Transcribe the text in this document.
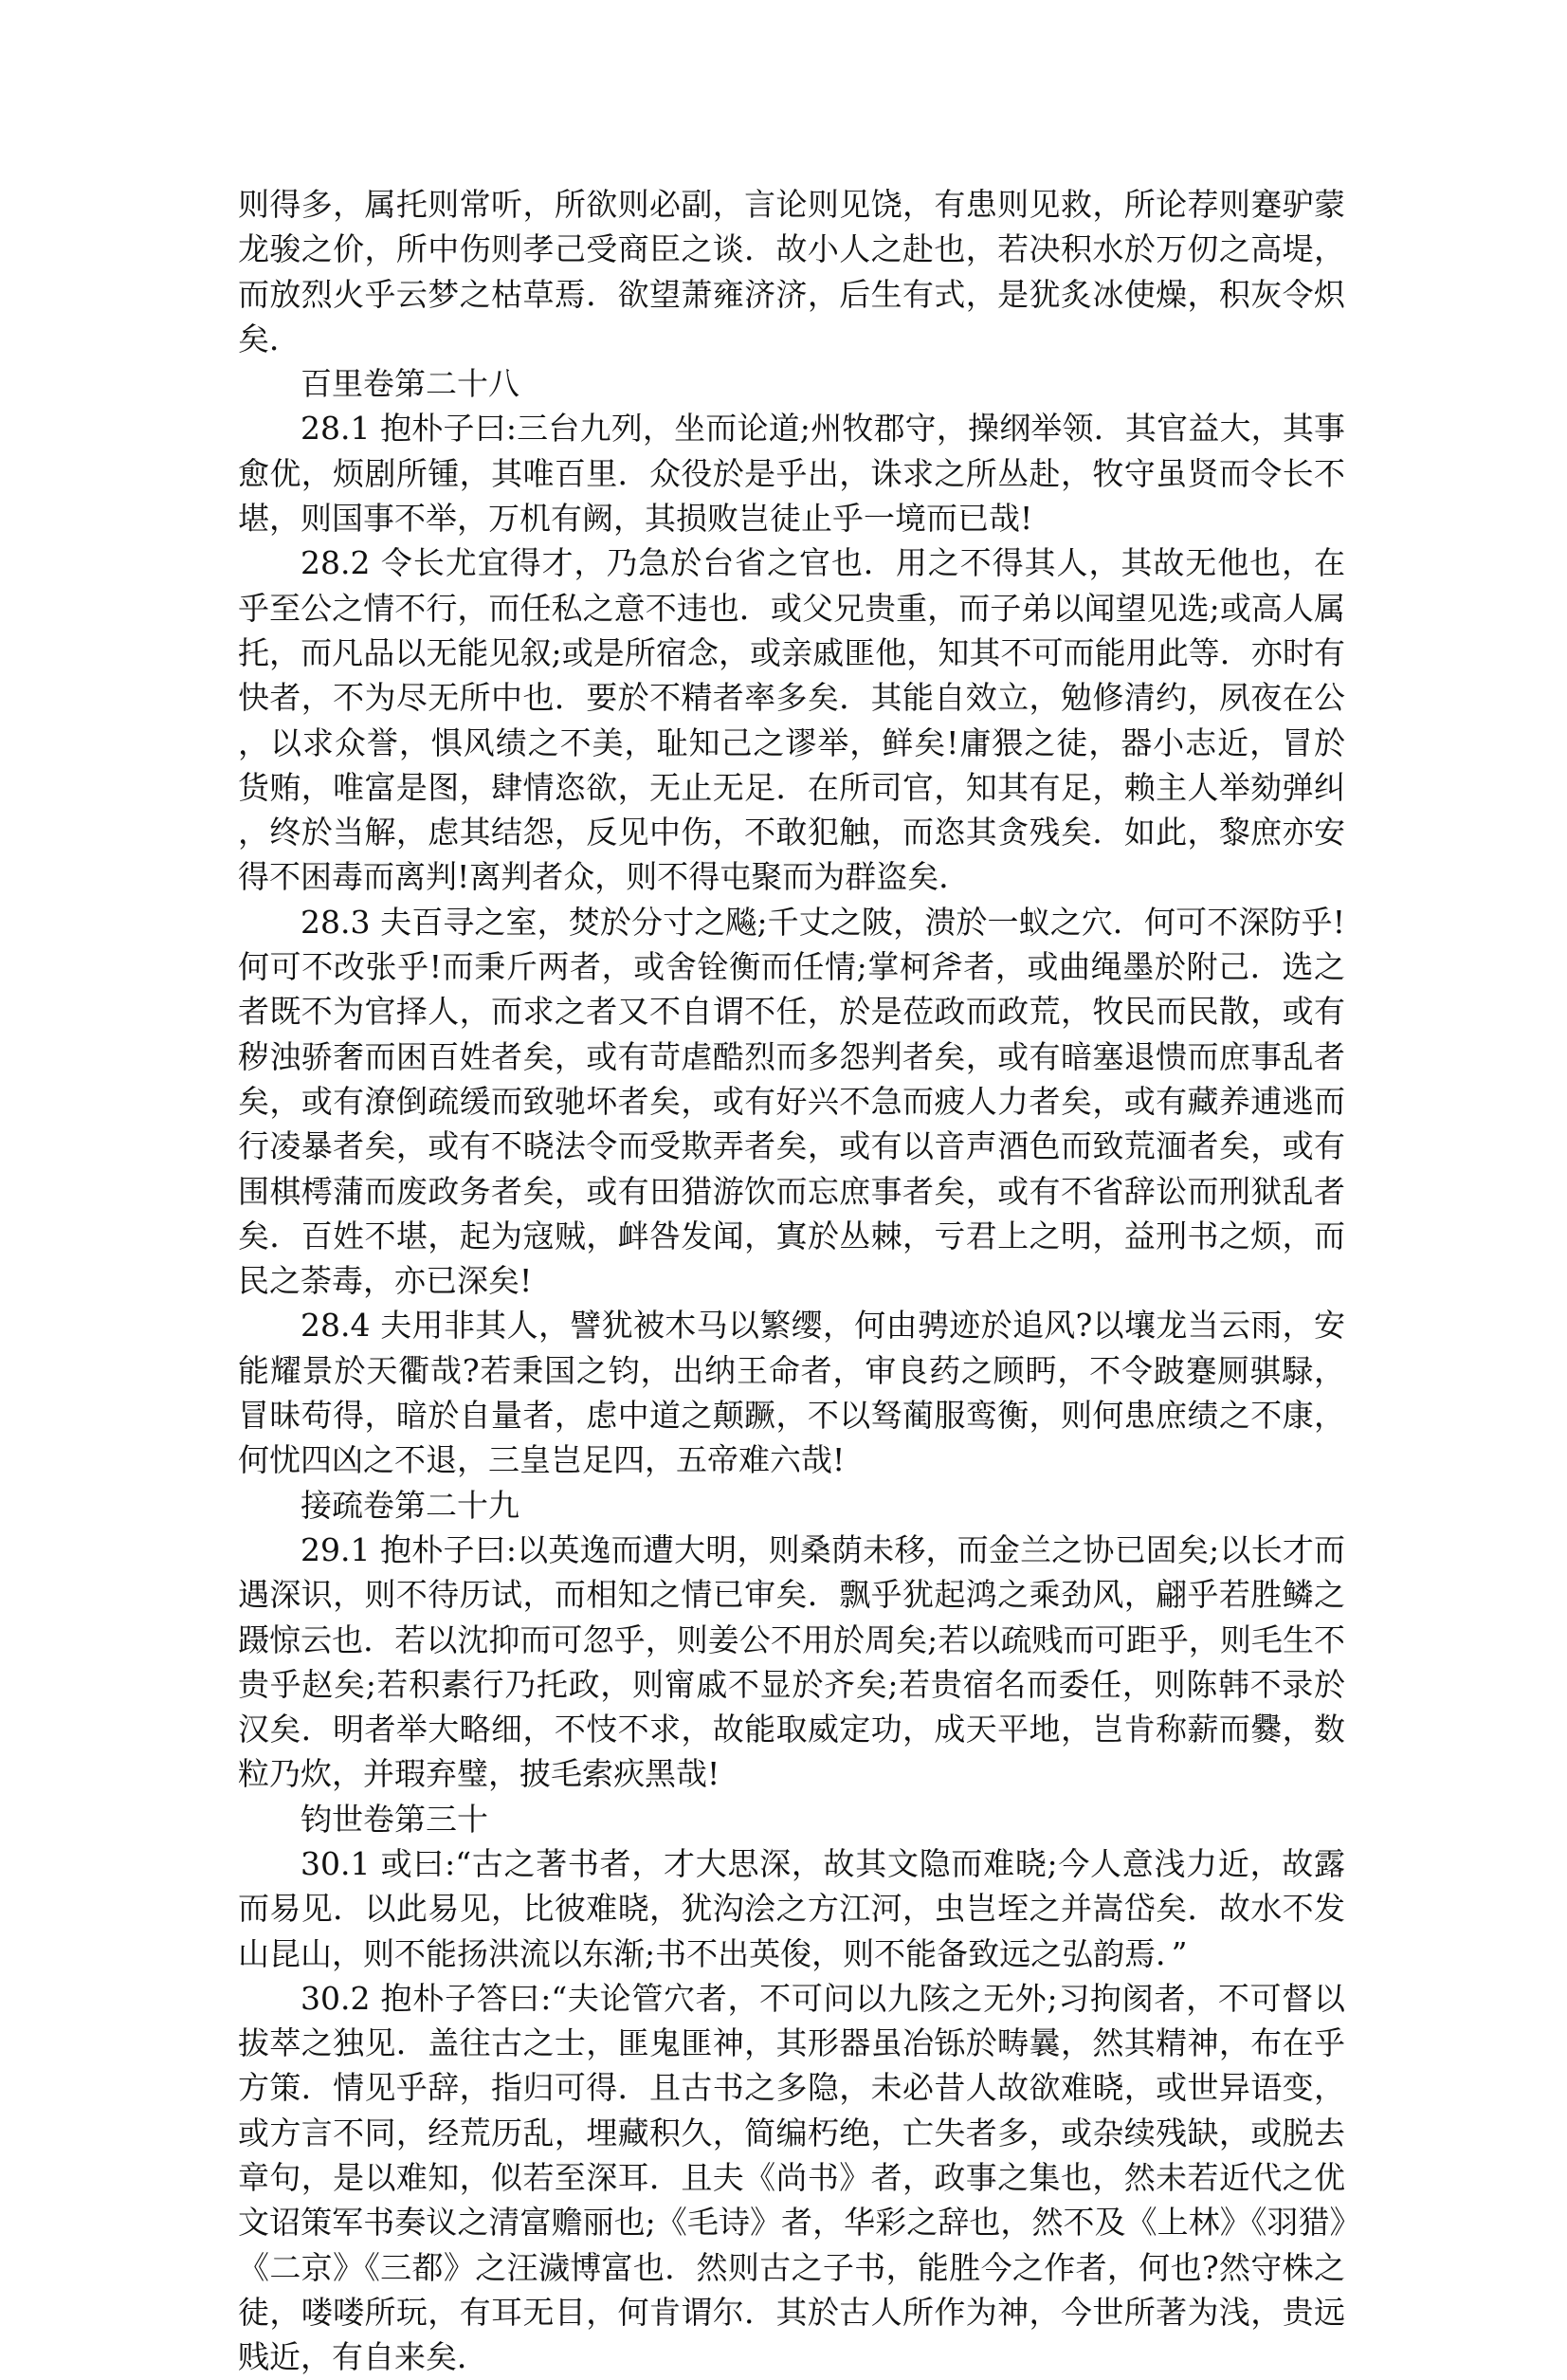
则得多，属托则常听，所欲则必副，言论则见饶，有患则见救，所论荐则蹇驴蒙龙骏之价，所中伤则孝己受商臣之谈．故小人之赴也，若决积水於万仞之高堤，而放烈火乎云梦之枯草焉．欲望萧雍济济，后生有式，是犹炙冰使燥，积灰令炽矣．

百里卷第二十八

28.1 抱朴子曰:三台九列，坐而论道;州牧郡守，操纲举领．其官益大，其事愈优，烦剧所锺，其唯百里．众役於是乎出，诛求之所丛赴，牧守虽贤而令长不堪，则国事不举，万机有阙，其损败岂徒止乎一境而已哉!

28.2 令长尤宜得才，乃急於台省之官也．用之不得其人，其故无他也，在乎至公之情不行，而任私之意不违也．或父兄贵重，而子弟以闻望见选;或高人属托，而凡品以无能见叙;或是所宿念，或亲戚匪他，知其不可而能用此等．亦时有快者，不为尽无所中也．要於不精者率多矣．其能自效立，勉修清约，夙夜在公，以求众誉，惧风绩之不美，耻知己之谬举，鲜矣!庸猥之徒，器小志近，冒於货贿，唯富是图，肆情恣欲，无止无足．在所司官，知其有足，赖主人举劾弹纠，终於当解，虑其结怨，反见中伤，不敢犯触，而恣其贪残矣．如此，黎庶亦安得不困毒而离判!离判者众，则不得屯聚而为群盗矣．

28.3 夫百寻之室，焚於分寸之飚;千丈之陂，溃於一蚁之穴．何可不深防乎!何可不改张乎!而秉斤两者，或舍铨衡而任情;掌柯斧者，或曲绳墨於附己．选之者既不为官择人，而求之者又不自谓不任，於是莅政而政荒，牧民而民散，或有秽浊骄奢而困百姓者矣，或有苛虐酷烈而多怨判者矣，或有暗塞退愦而庶事乱者矣，或有潦倒疏缓而致驰坏者矣，或有好兴不急而疲人力者矣，或有藏养逋逃而行凌暴者矣，或有不晓法令而受欺弄者矣，或有以音声酒色而致荒湎者矣，或有围棋樗蒲而废政务者矣，或有田猎游饮而忘庶事者矣，或有不省辞讼而刑狱乱者矣．百姓不堪，起为寇贼，衅咎发闻，寘於丛棘，亏君上之明，益刑书之烦，而民之荼毒，亦已深矣!

28.4 夫用非其人，譬犹被木马以繁缨，何由骋迹於追风?以壤龙当云雨，安能耀景於天衢哉?若秉国之钧，出纳王命者，审良药之顾眄，不令跛蹇厕骐騄，冒昧苟得，暗於自量者，虑中道之颠蹶，不以驽蔺服鸾衡，则何患庶绩之不康，何忧四凶之不退，三皇岂足四，五帝难六哉!

接疏卷第二十九

29.1 抱朴子曰:以英逸而遭大明，则桑荫未移，而金兰之协已固矣;以长才而遇深识，则不待历试，而相知之情已审矣．飘乎犹起鸿之乘劲风，翩乎若胜鳞之蹑惊云也．若以沈抑而可忽乎，则姜公不用於周矣;若以疏贱而可距乎，则毛生不贵乎赵矣;若积素行乃托政，则甯戚不显於齐矣;若贵宿名而委任，则陈韩不录於汉矣．明者举大略细，不忮不求，故能取威定功，成天平地，岂肯称薪而爨，数粒乃炊，并瑕弃璧，披毛索疢黑哉!

钧世卷第三十

30.1 或曰:“古之著书者，才大思深，故其文隐而难晓;今人意浅力近，故露而易见．以此易见，比彼难晓，犹沟浍之方江河，虫岂垤之并嵩岱矣．故水不发山昆山，则不能扬洪流以东渐;书不出英俊，则不能备致远之弘韵焉．”

30.2 抱朴子答曰:“夫论管穴者，不可问以九陔之无外;习拘阂者，不可督以拔萃之独见．盖往古之士，匪鬼匪神，其形器虽冶铄於畴曩，然其精神，布在乎方策．情见乎辞，指归可得．且古书之多隐，未必昔人故欲难晓，或世异语变，或方言不同，经荒历乱，埋藏积久，简编朽绝，亡失者多，或杂续残缺，或脱去章句，是以难知，似若至深耳．且夫《尚书》者，政事之集也，然未若近代之优文诏策军书奏议之清富赡丽也;《毛诗》者，华彩之辞也，然不及《上林》《羽猎》《二京》《三都》之汪濊博富也．然则古之子书，能胜今之作者，何也?然守株之徒，喽喽所玩，有耳无目，何肯谓尔．其於古人所作为神，今世所著为浅，贵远贱近，有自来矣．
